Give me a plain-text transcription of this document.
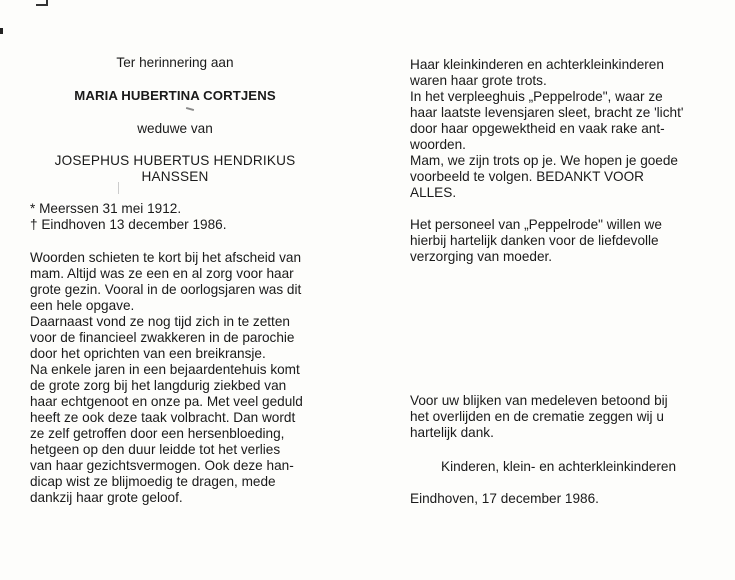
Ter herinnering aan
MARIA HUBERTINA CORTJENS
weduwe van
JOSEPHUS HUBERTUS HENDRIKUS
HANSSEN
* Meerssen 31 mei 1912.
† Eindhoven 13 december 1986.
Woorden schieten te kort bij het afscheid van
mam. Altijd was ze een en al zorg voor haar
grote gezin. Vooral in de oorlogsjaren was dit
een hele opgave.
Daarnaast vond ze nog tijd zich in te zetten
voor de financieel zwakkeren in de parochie
door het oprichten van een breikransje.
Na enkele jaren in een bejaardentehuis komt
de grote zorg bij het langdurig ziekbed van
haar echtgenoot en onze pa. Met veel geduld
heeft ze ook deze taak volbracht. Dan wordt
ze zelf getroffen door een hersenbloeding,
hetgeen op den duur leidde tot het verlies
van haar gezichtsvermogen. Ook deze han-
dicap wist ze blijmoedig te dragen, mede
dankzij haar grote geloof.
Haar kleinkinderen en achterkleinkinderen
waren haar grote trots.
In het verpleeghuis „Peppelrode", waar ze
haar laatste levensjaren sleet, bracht ze 'licht'
door haar opgewektheid en vaak rake ant-
woorden.
Mam, we zijn trots op je. We hopen je goede
voorbeeld te volgen. BEDANKT VOOR
ALLES.
Het personeel van „Peppelrode" willen we
hierbij hartelijk danken voor de liefdevolle
verzorging van moeder.
Voor uw blijken van medeleven betoond bij
het overlijden en de crematie zeggen wij u
hartelijk dank.
Kinderen, klein- en achterkleinkinderen
Eindhoven, 17 december 1986.
